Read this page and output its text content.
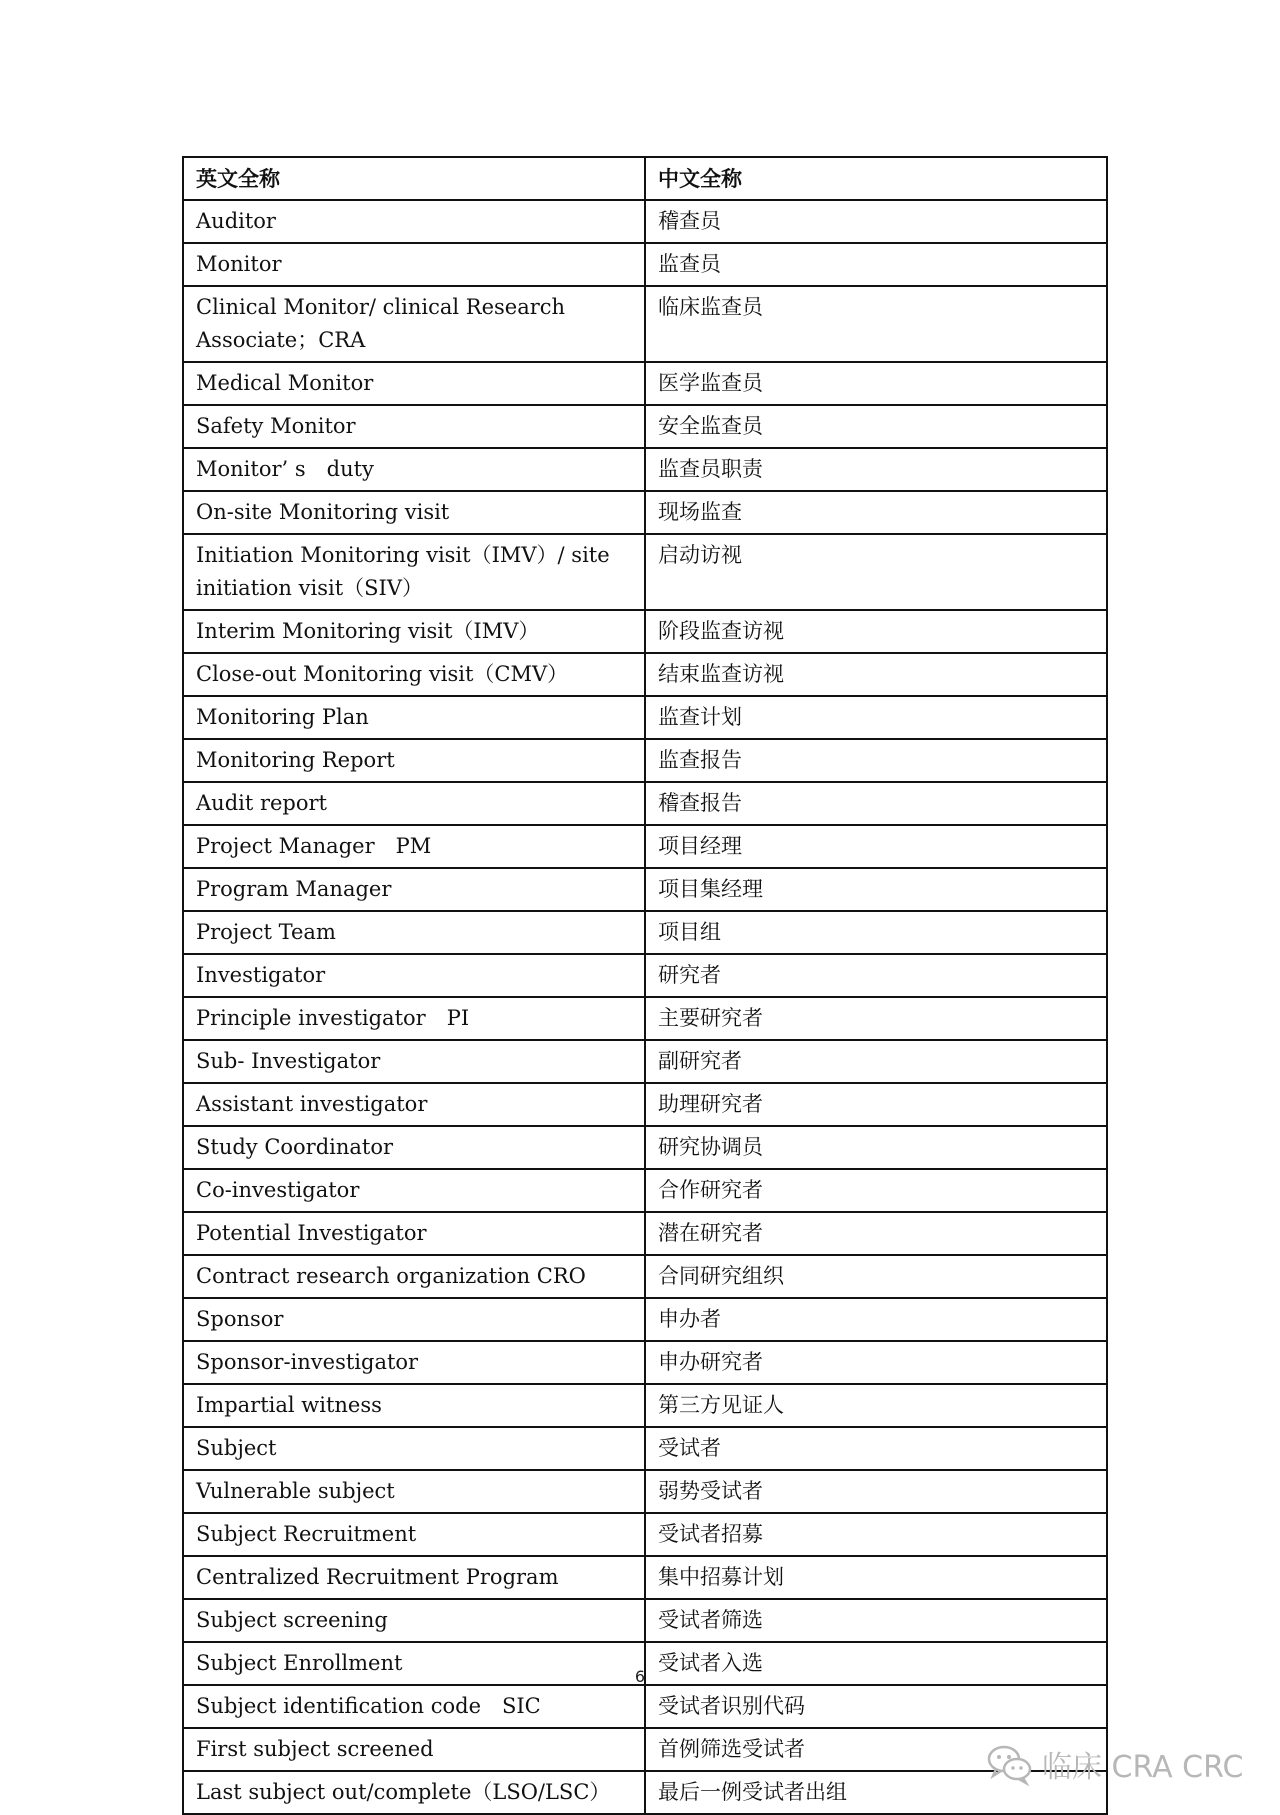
英文全称	中文全称
Auditor	稽查员
Monitor	监查员
Clinical Monitor/ clinical Research Associate；CRA	临床监查员
Medical Monitor	医学监查员
Safety Monitor	安全监查员
Monitor’ s　duty	监查员职责
On-site Monitoring visit	现场监查
Initiation Monitoring visit（IMV）/ site initiation visit（SIV）	启动访视
Interim Monitoring visit（IMV）	阶段监查访视
Close-out Monitoring visit（CMV）	结束监查访视
Monitoring Plan	监查计划
Monitoring Report	监查报告
Audit report	稽查报告
Project Manager　PM	项目经理
Program Manager	项目集经理
Project Team	项目组
Investigator	研究者
Principle investigator　PI	主要研究者
Sub- Investigator	副研究者
Assistant investigator	助理研究者
Study Coordinator	研究协调员
Co-investigator	合作研究者
Potential Investigator	潜在研究者
Contract research organization CRO	合同研究组织
Sponsor	申办者
Sponsor-investigator	申办研究者
Impartial witness	第三方见证人
Subject	受试者
Vulnerable subject	弱势受试者
Subject Recruitment	受试者招募
Centralized Recruitment Program	集中招募计划
Subject screening	受试者筛选
Subject Enrollment	受试者入选
Subject identification code　SIC	受试者识别代码
First subject screened	首例筛选受试者
Last subject out/complete（LSO/LSC）	最后一例受试者出组
6
临床 CRA CRC
